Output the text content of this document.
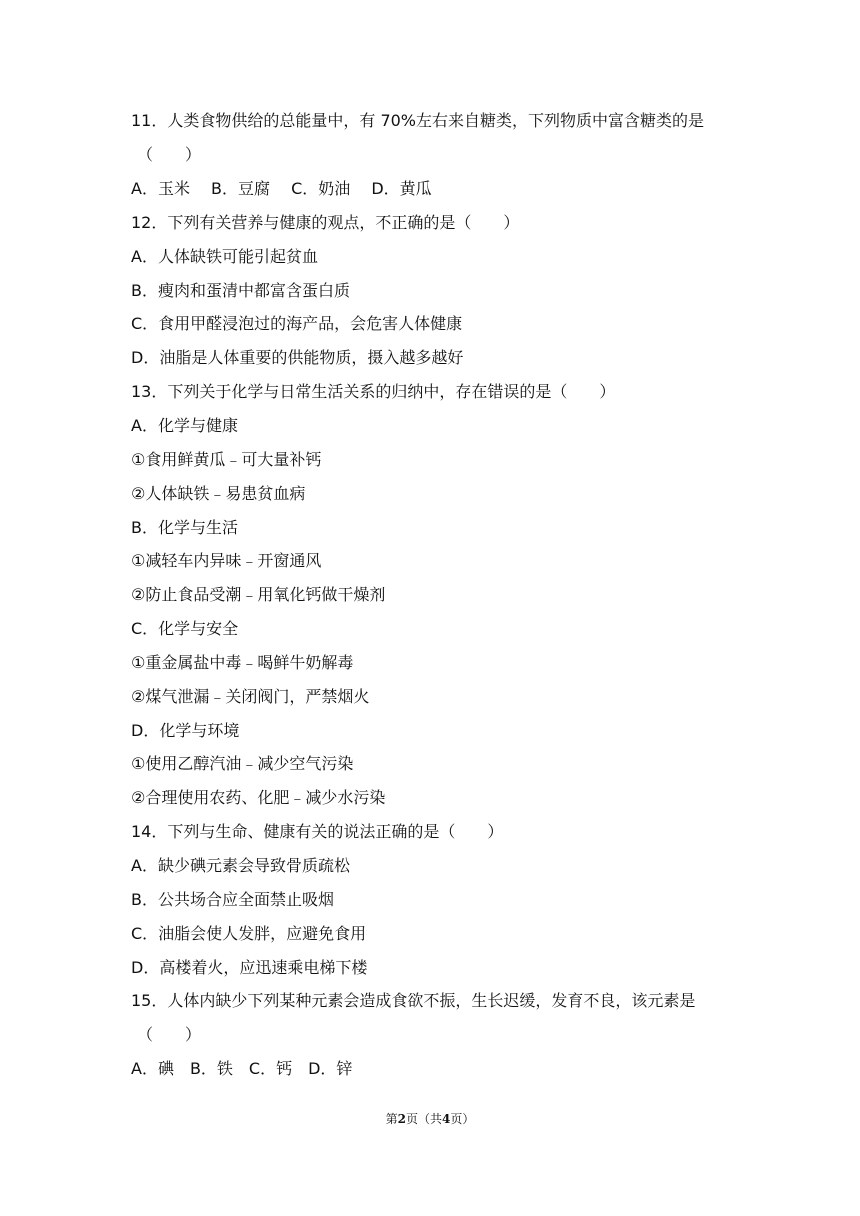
11．人类食物供给的总能量中，有 70%左右来自糖类，下列物质中富含糖类的是
（　　）
A．玉米　 B．豆腐　 C．奶油　 D．黄瓜
12．下列有关营养与健康的观点，不正确的是（　　）
A．人体缺铁可能引起贫血
B．瘦肉和蛋清中都富含蛋白质
C．食用甲醛浸泡过的海产品，会危害人体健康
D．油脂是人体重要的供能物质，摄入越多越好
13．下列关于化学与日常生活关系的归纳中，存在错误的是（　　）
A．化学与健康
①食用鲜黄瓜﹣可大量补钙
②人体缺铁﹣易患贫血病
B．化学与生活
①减轻车内异味﹣开窗通风
②防止食品受潮﹣用氧化钙做干燥剂
C．化学与安全
①重金属盐中毒﹣喝鲜牛奶解毒
②煤气泄漏﹣关闭阀门，严禁烟火
D．化学与环境
①使用乙醇汽油﹣减少空气污染
②合理使用农药、化肥﹣减少水污染
14．下列与生命、健康有关的说法正确的是（　　）
A．缺少碘元素会导致骨质疏松
B．公共场合应全面禁止吸烟
C．油脂会使人发胖，应避免食用
D．高楼着火，应迅速乘电梯下楼
15．人体内缺少下列某种元素会造成食欲不振，生长迟缓，发育不良，该元素是
（　　）
A．碘　B．铁　C．钙　D．锌
第2页（共4页）
